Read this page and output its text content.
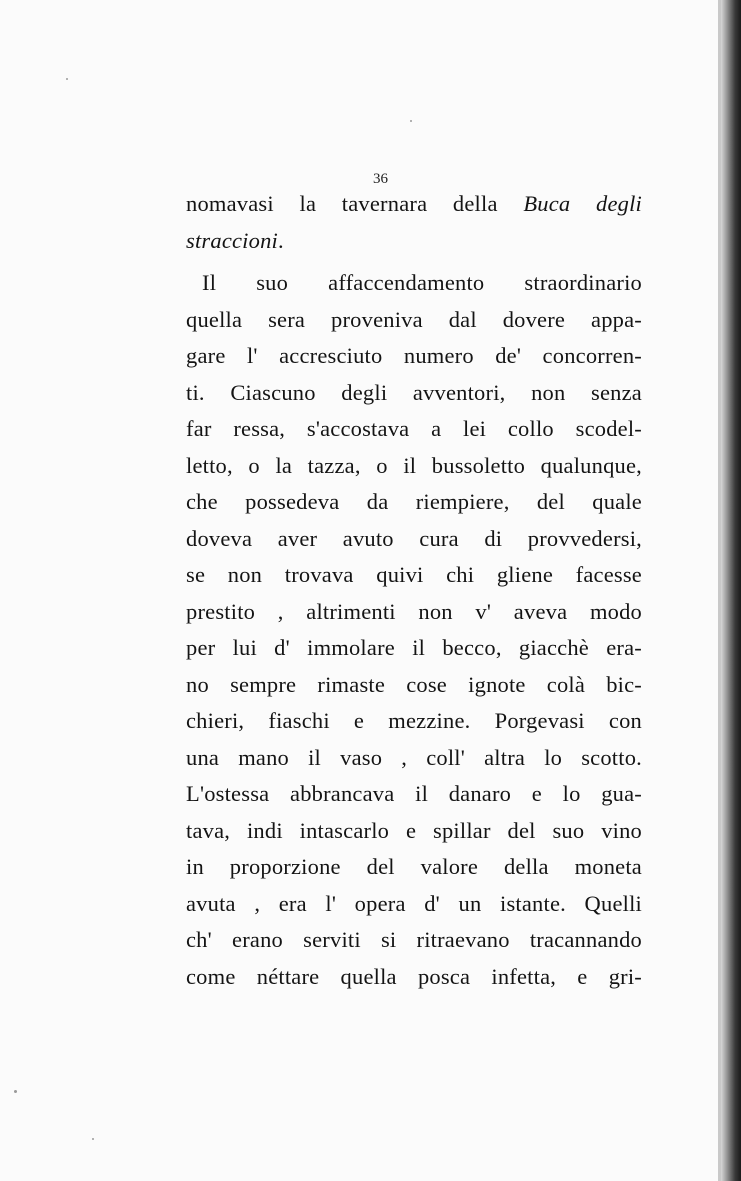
36
nomavasi la tavernara della Buca degli
straccioni.
Il suo affaccendamento straordinario
quella sera proveniva dal dovere appa-
gare l' accresciuto numero de' concorren-
ti. Ciascuno degli avventori, non senza
far ressa, s'accostava a lei collo scodel-
letto, o la tazza, o il bussoletto qualunque,
che possedeva da riempiere, del quale
doveva aver avuto cura di provvedersi,
se non trovava quivi chi gliene facesse
prestito , altrimenti non v' aveva modo
per lui d' immolare il becco, giacchè era-
no sempre rimaste cose ignote colà bic-
chieri, fiaschi e mezzine. Porgevasi con
una mano il vaso , coll' altra lo scotto.
L'ostessa abbrancava il danaro e lo gua-
tava, indi intascarlo e spillar del suo vino
in proporzione del valore della moneta
avuta , era l' opera d' un istante. Quelli
ch' erano serviti si ritraevano tracannando
come néttare quella posca infetta, e gri-
